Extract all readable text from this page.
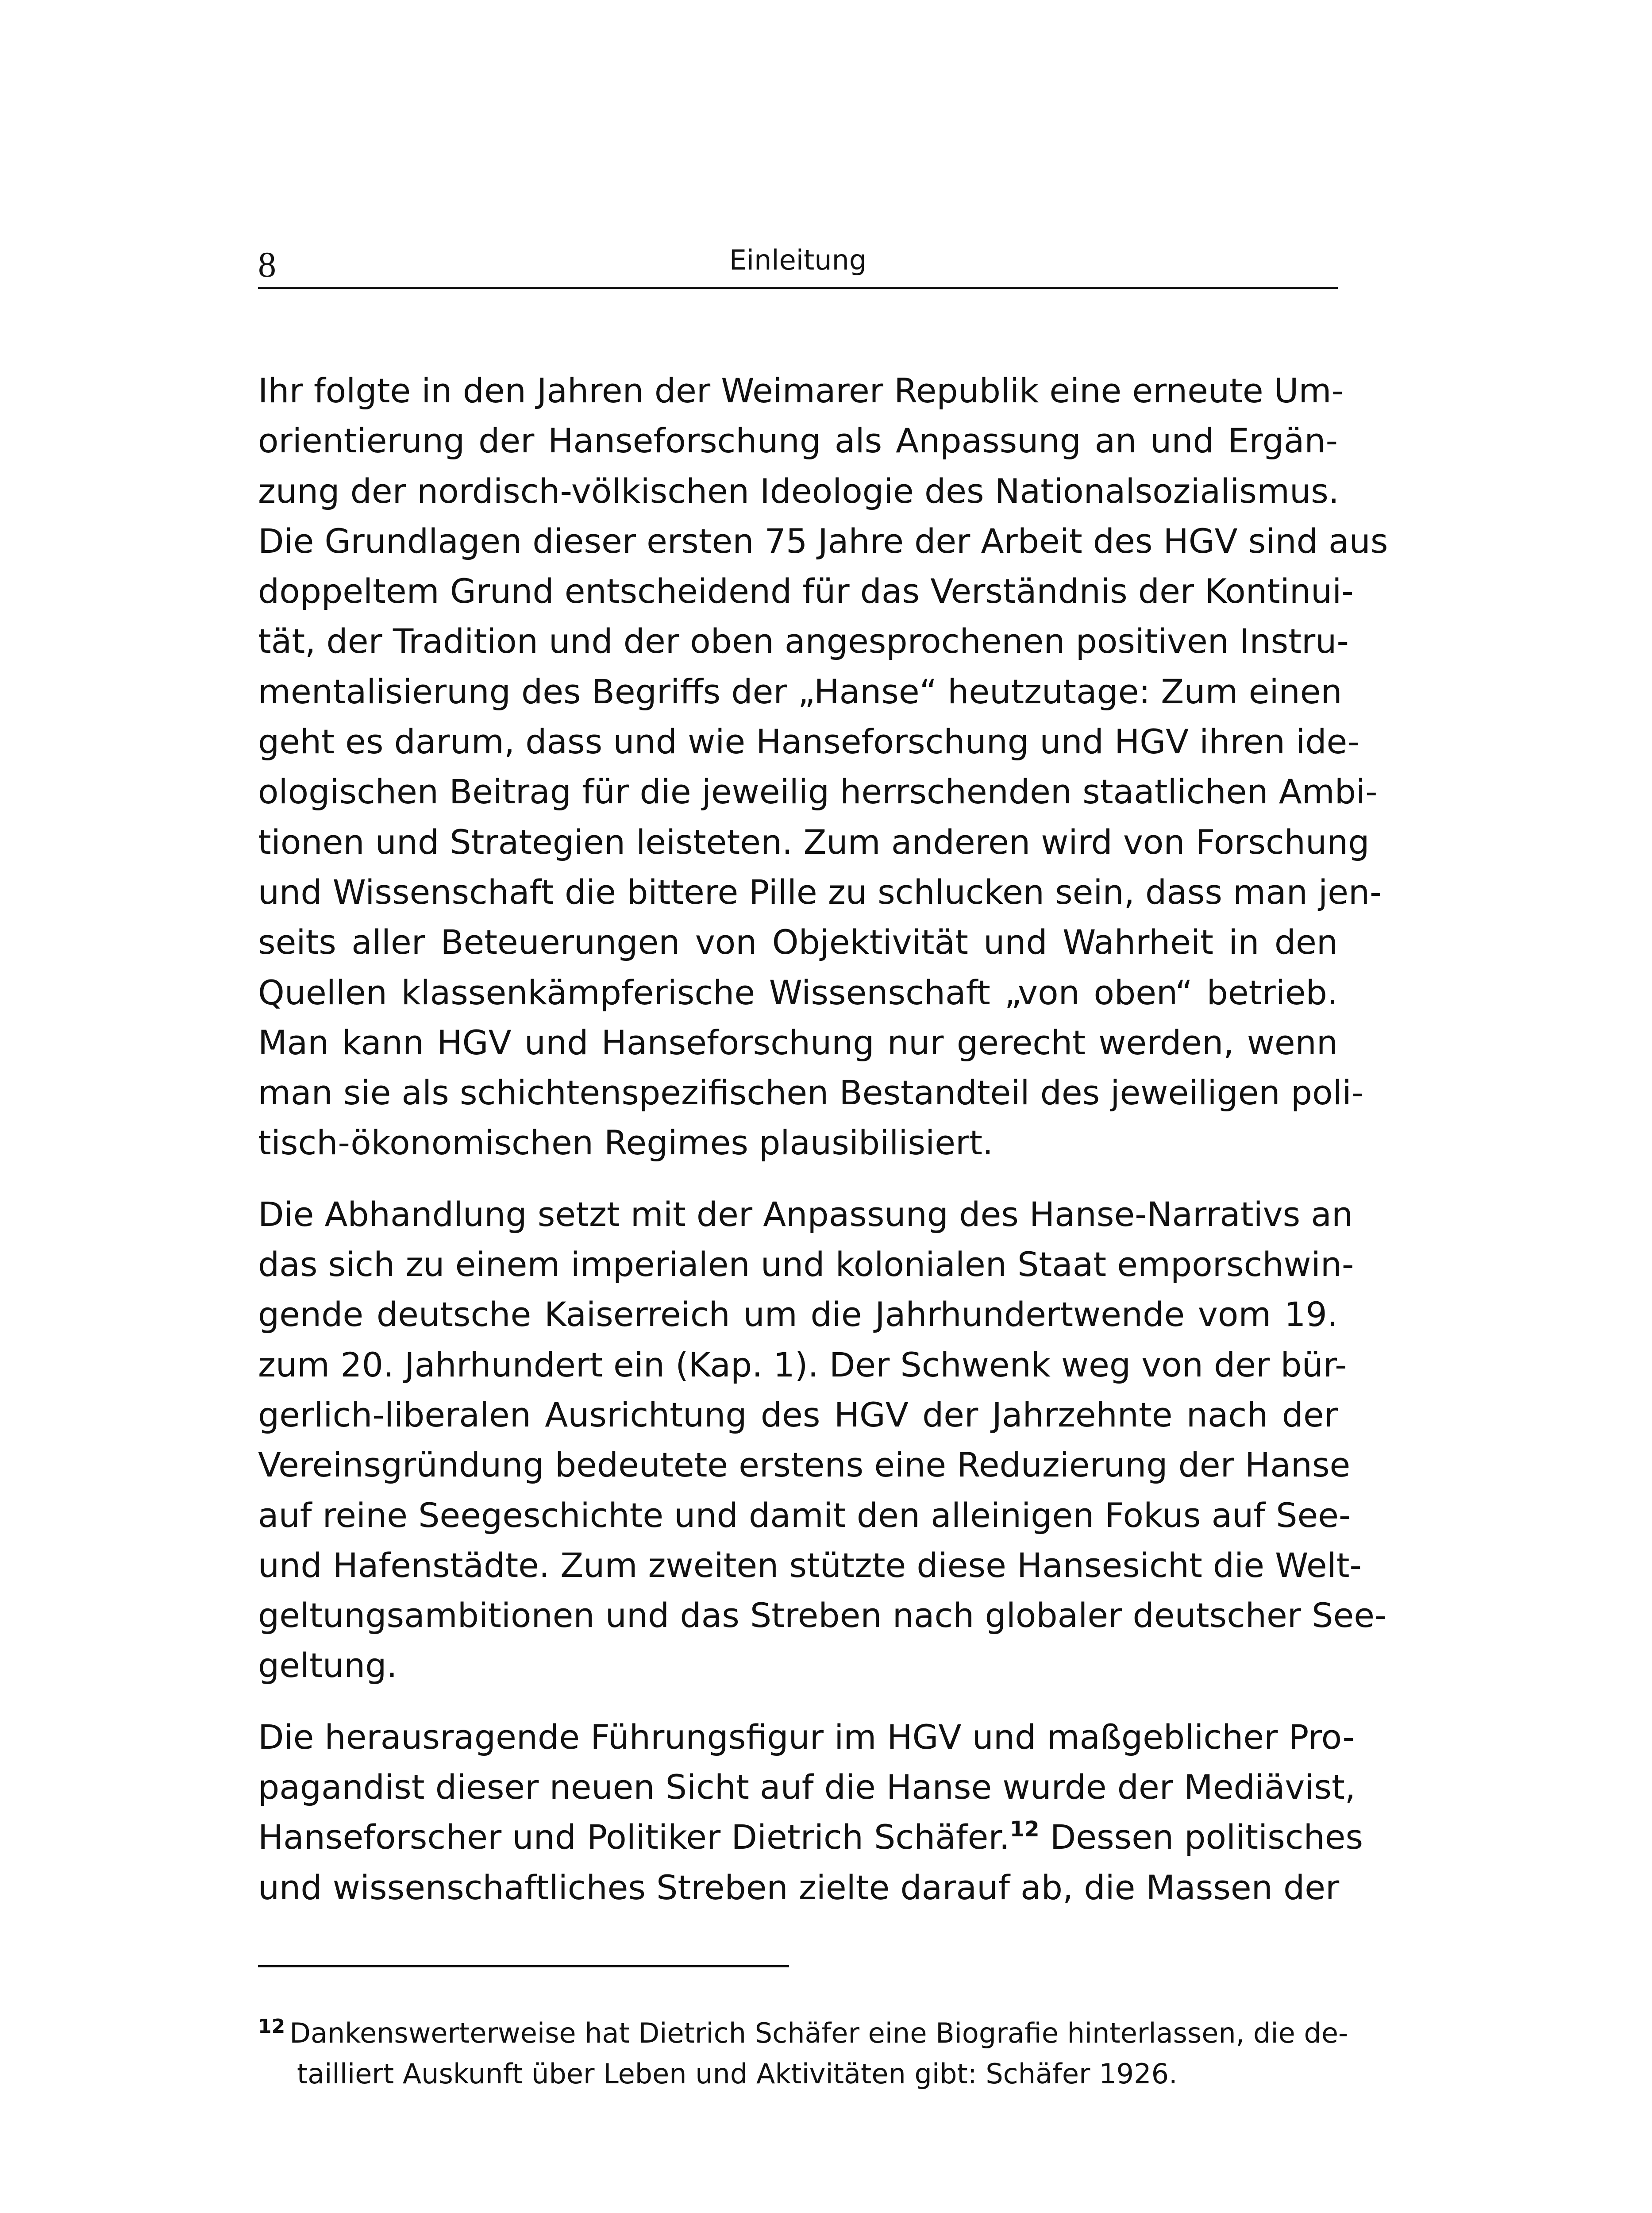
8	Einleitung
Ihr folgte in den Jahren der Weimarer Republik eine erneute Um-
orientierung der Hanseforschung als Anpassung an und Ergän-
zung der nordisch-völkischen Ideologie des Nationalsozialismus.
Die Grundlagen dieser ersten 75 Jahre der Arbeit des HGV sind aus
doppeltem Grund entscheidend für das Verständnis der Kontinui-
tät, der Tradition und der oben angesprochenen positiven Instru-
mentalisierung des Begriffs der „Hanse“ heutzutage: Zum einen
geht es darum, dass und wie Hanseforschung und HGV ihren ide-
ologischen Beitrag für die jeweilig herrschenden staatlichen Ambi-
tionen und Strategien leisteten. Zum anderen wird von Forschung
und Wissenschaft die bittere Pille zu schlucken sein, dass man jen-
seits aller Beteuerungen von Objektivität und Wahrheit in den
Quellen klassenkämpferische Wissenschaft „von oben“ betrieb.
Man kann HGV und Hanseforschung nur gerecht werden, wenn
man sie als schichtenspezifischen Bestandteil des jeweiligen poli-
tisch-ökonomischen Regimes plausibilisiert.
Die Abhandlung setzt mit der Anpassung des Hanse-Narrativs an
das sich zu einem imperialen und kolonialen Staat emporschwin-
gende deutsche Kaiserreich um die Jahrhundertwende vom 19.
zum 20. Jahrhundert ein (Kap. 1). Der Schwenk weg von der bür-
gerlich-liberalen Ausrichtung des HGV der Jahrzehnte nach der
Vereinsgründung bedeutete erstens eine Reduzierung der Hanse
auf reine Seegeschichte und damit den alleinigen Fokus auf See-
und Hafenstädte. Zum zweiten stützte diese Hansesicht die Welt-
geltungsambitionen und das Streben nach globaler deutscher See-
geltung.
Die herausragende Führungsfigur im HGV und maßgeblicher Pro-
pagandist dieser neuen Sicht auf die Hanse wurde der Mediävist,
Hanseforscher und Politiker Dietrich Schäfer.$^{12}$ Dessen politisches
und wissenschaftliches Streben zielte darauf ab, die Massen der
$^{12}$ Dankenswerterweise hat Dietrich Schäfer eine Biografie hinterlassen, die de-
tailliert Auskunft über Leben und Aktivitäten gibt: Schäfer 1926.
